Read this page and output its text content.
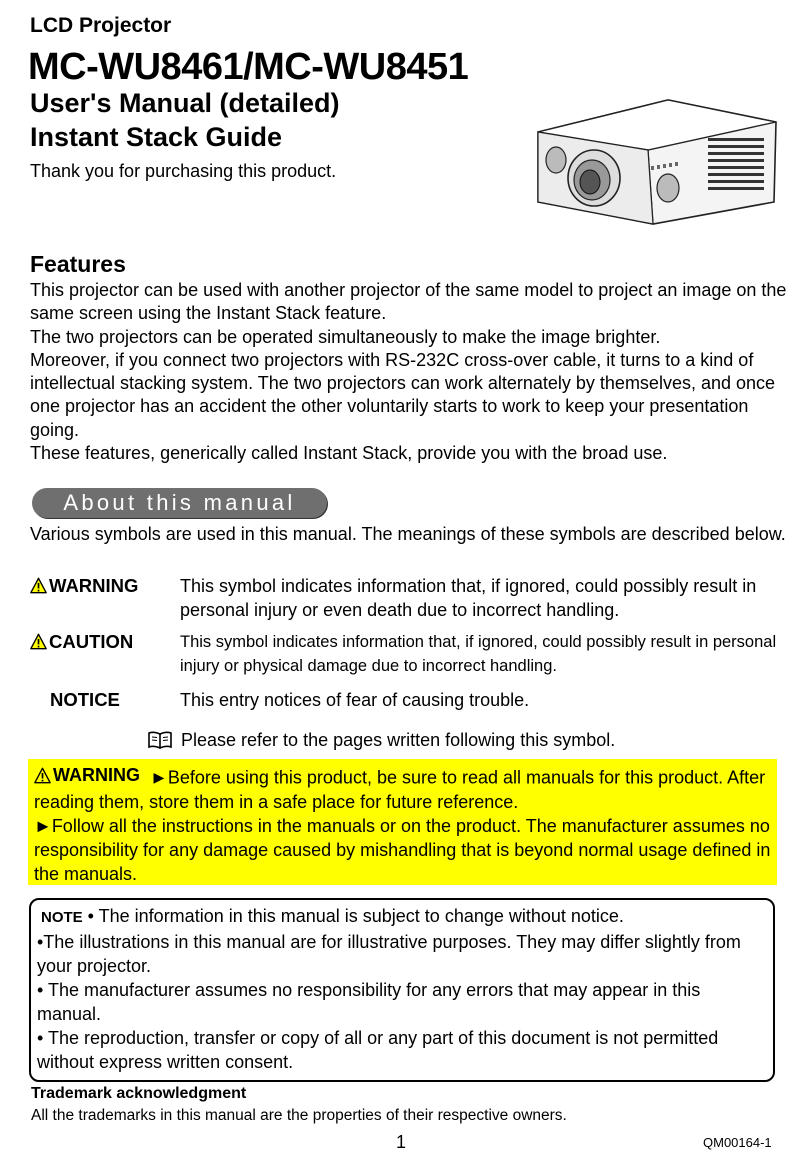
LCD Projector
MC-WU8461/MC-WU8451
User's Manual (detailed)
Instant Stack Guide
Thank you for purchasing this product.
Features

This projector can be used with another projector of the same model to project an image on the same screen using the Instant Stack feature.

The two projectors can be operated simultaneously to make the image brighter.

Moreover, if you connect two projectors with RS-232C cross-over cable, it turns to a kind of intellectual stacking system. The two projectors can work alternately by themselves, and once one projector has an accident the other voluntarily starts to work to keep your presentation going.

These features, generically called Instant Stack, provide you with the broad use.

About this manual
Various symbols are used in this manual. The meanings of these symbols are described below.
WARNING This symbol indicates information that, if ignored, could possibly result in personal injury or even death due to incorrect handling.
CAUTION	This symbol indicates information that, if ignored, could possibly result in personal injury or physical damage due to incorrect handling.
NOTICE	This entry notices of fear of causing trouble.
Please refer to the pages written following this symbol.
WARNING ►Before using this product, be sure to read all manuals for this product. After reading them, store them in a safe place for future reference.
►Follow all the instructions in the manuals or on the product. The manufacturer assumes no responsibility for any damage caused by mishandling that is beyond normal usage defined in the manuals.

NOTE • The information in this manual is subject to change without notice.

•The illustrations in this manual are for illustrative purposes. They may differ slightly from your projector.

• The manufacturer assumes no responsibility for any errors that may appear in this manual.

• The reproduction, transfer or copy of all or any part of this document is not permitted without express written consent.

Trademark acknowledgment
All the trademarks in this manual are the properties of their respective owners.
1	QM00164-1
